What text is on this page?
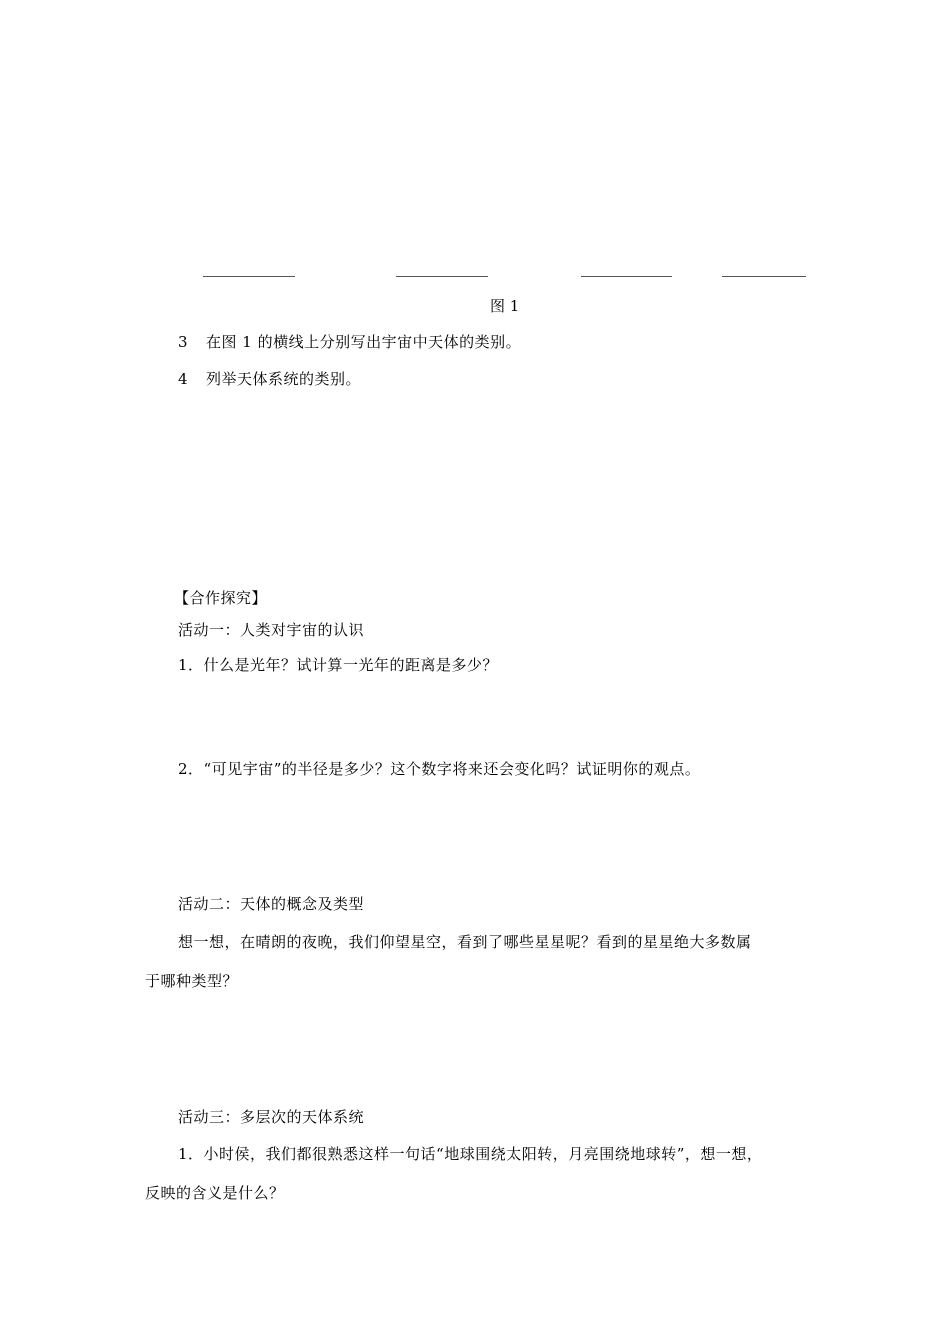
图 1
3 在图 1 的横线上分别写出宇宙中天体的类别。
4 列举天体系统的类别。
【合作探究】
活动一：人类对宇宙的认识
1．什么是光年？试计算一光年的距离是多少？
2．“可见宇宙”的半径是多少？这个数字将来还会变化吗？试证明你的观点。
活动二：天体的概念及类型
想一想，在晴朗的夜晚，我们仰望星空，看到了哪些星星呢？看到的星星绝大多数属
于哪种类型？
活动三：多层次的天体系统
1．小时侯，我们都很熟悉这样一句话“地球围绕太阳转，月亮围绕地球转”，想一想，
反映的含义是什么？
